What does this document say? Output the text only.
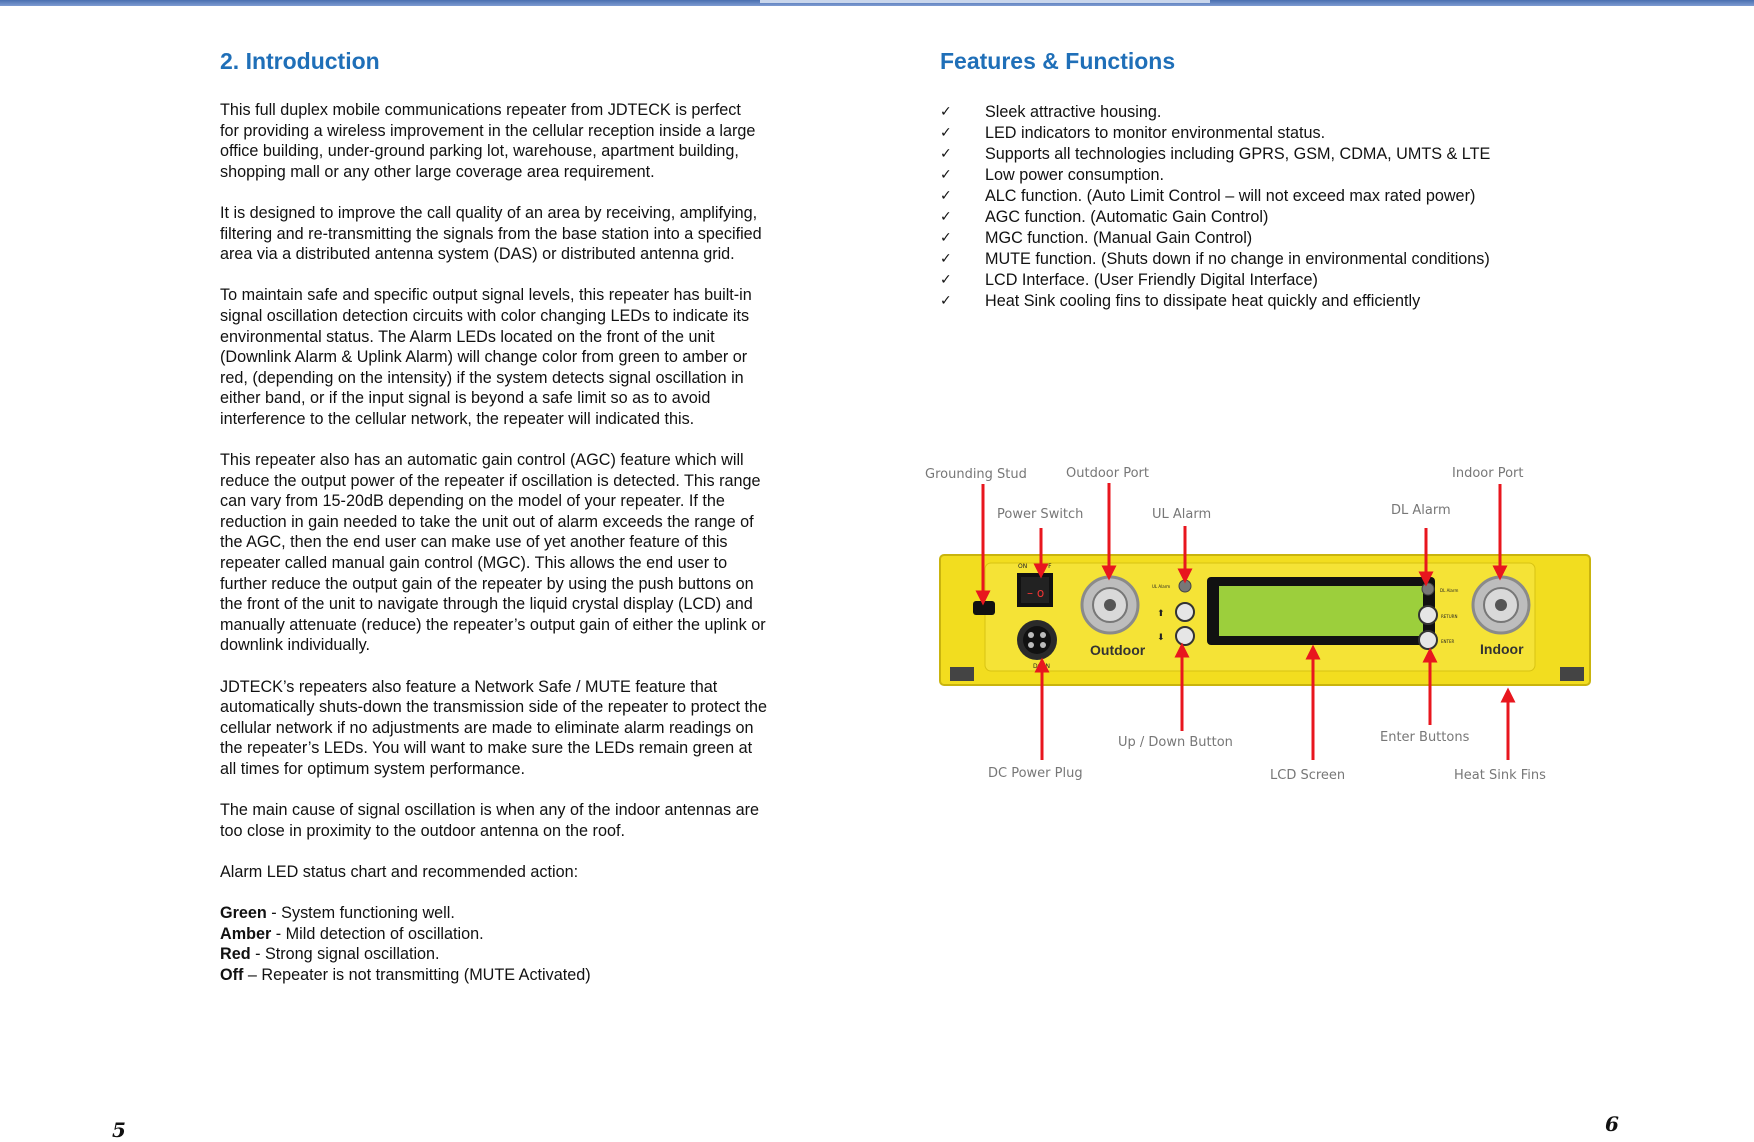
2. Introduction

This full duplex mobile communications repeater from JDTECK is perfect
for providing a wireless improvement in the cellular reception inside a large
office building, under-ground parking lot, warehouse, apartment building,
shopping mall or any other large coverage area requirement.

It is designed to improve the call quality of an area by receiving, amplifying,
filtering and re-transmitting the signals from the base station into a specified
area via a distributed antenna system (DAS) or distributed antenna grid.

To maintain safe and specific output signal levels, this repeater has built-in
signal oscillation detection circuits with color changing LEDs to indicate its
environmental status. The Alarm LEDs located on the front of the unit
(Downlink Alarm & Uplink Alarm) will change color from green to amber or
red, (depending on the intensity) if the system detects signal oscillation in
either band, or if the input signal is beyond a safe limit so as to avoid
interference to the cellular network, the repeater will indicated this.

This repeater also has an automatic gain control (AGC) feature which will
reduce the output power of the repeater if oscillation is detected. This range
can vary from 15-20dB depending on the model of your repeater. If the
reduction in gain needed to take the unit out of alarm exceeds the range of
the AGC, then the end user can make use of yet another feature of this
repeater called manual gain control (MGC). This allows the end user to
further reduce the output gain of the repeater by using the push buttons on
the front of the unit to navigate through the liquid crystal display (LCD) and
manually attenuate (reduce) the repeater’s output gain of either the uplink or
downlink individually.

JDTECK’s repeaters also feature a Network Safe / MUTE feature that
automatically shuts-down the transmission side of the repeater to protect the
cellular network if no adjustments are made to eliminate alarm readings on
the repeater’s LEDs. You will want to make sure the LEDs remain green at
all times for optimum system performance.

The main cause of signal oscillation is when any of the indoor antennas are
too close in proximity to the outdoor antenna on the roof.

Alarm LED status chart and recommended action:

Green - System functioning well.
Amber - Mild detection of oscillation.
Red - Strong signal oscillation.
Off – Repeater is not transmitting (MUTE Activated)
5
Features & Functions
✓	Sleek attractive housing.
✓	LED indicators to monitor environmental status.
✓	Supports all technologies including GPRS, GSM, CDMA, UMTS & LTE
✓	Low power consumption.
✓	ALC function. (Auto Limit Control – will not exceed max rated power)
✓	AGC function. (Automatic Gain Control)
✓	MGC function. (Manual Gain Control)
✓	MUTE function. (Shuts down if no change in environmental conditions)
✓	LCD Interface. (User Friendly Digital Interface)
✓	Heat Sink cooling fins to dissipate heat quickly and efficiently
ON OFF
– o
DC IN
Outdoor
UL Alarm
⬆
⬇
DL Alarm
RETURN
ENTER Indoor
Grounding Stud	Outdoor Port	Indoor Port
Power Switch	UL Alarm	DL Alarm
Up / Down Button	Enter Buttons
DC Power Plug	LCD Screen	Heat Sink Fins
6
